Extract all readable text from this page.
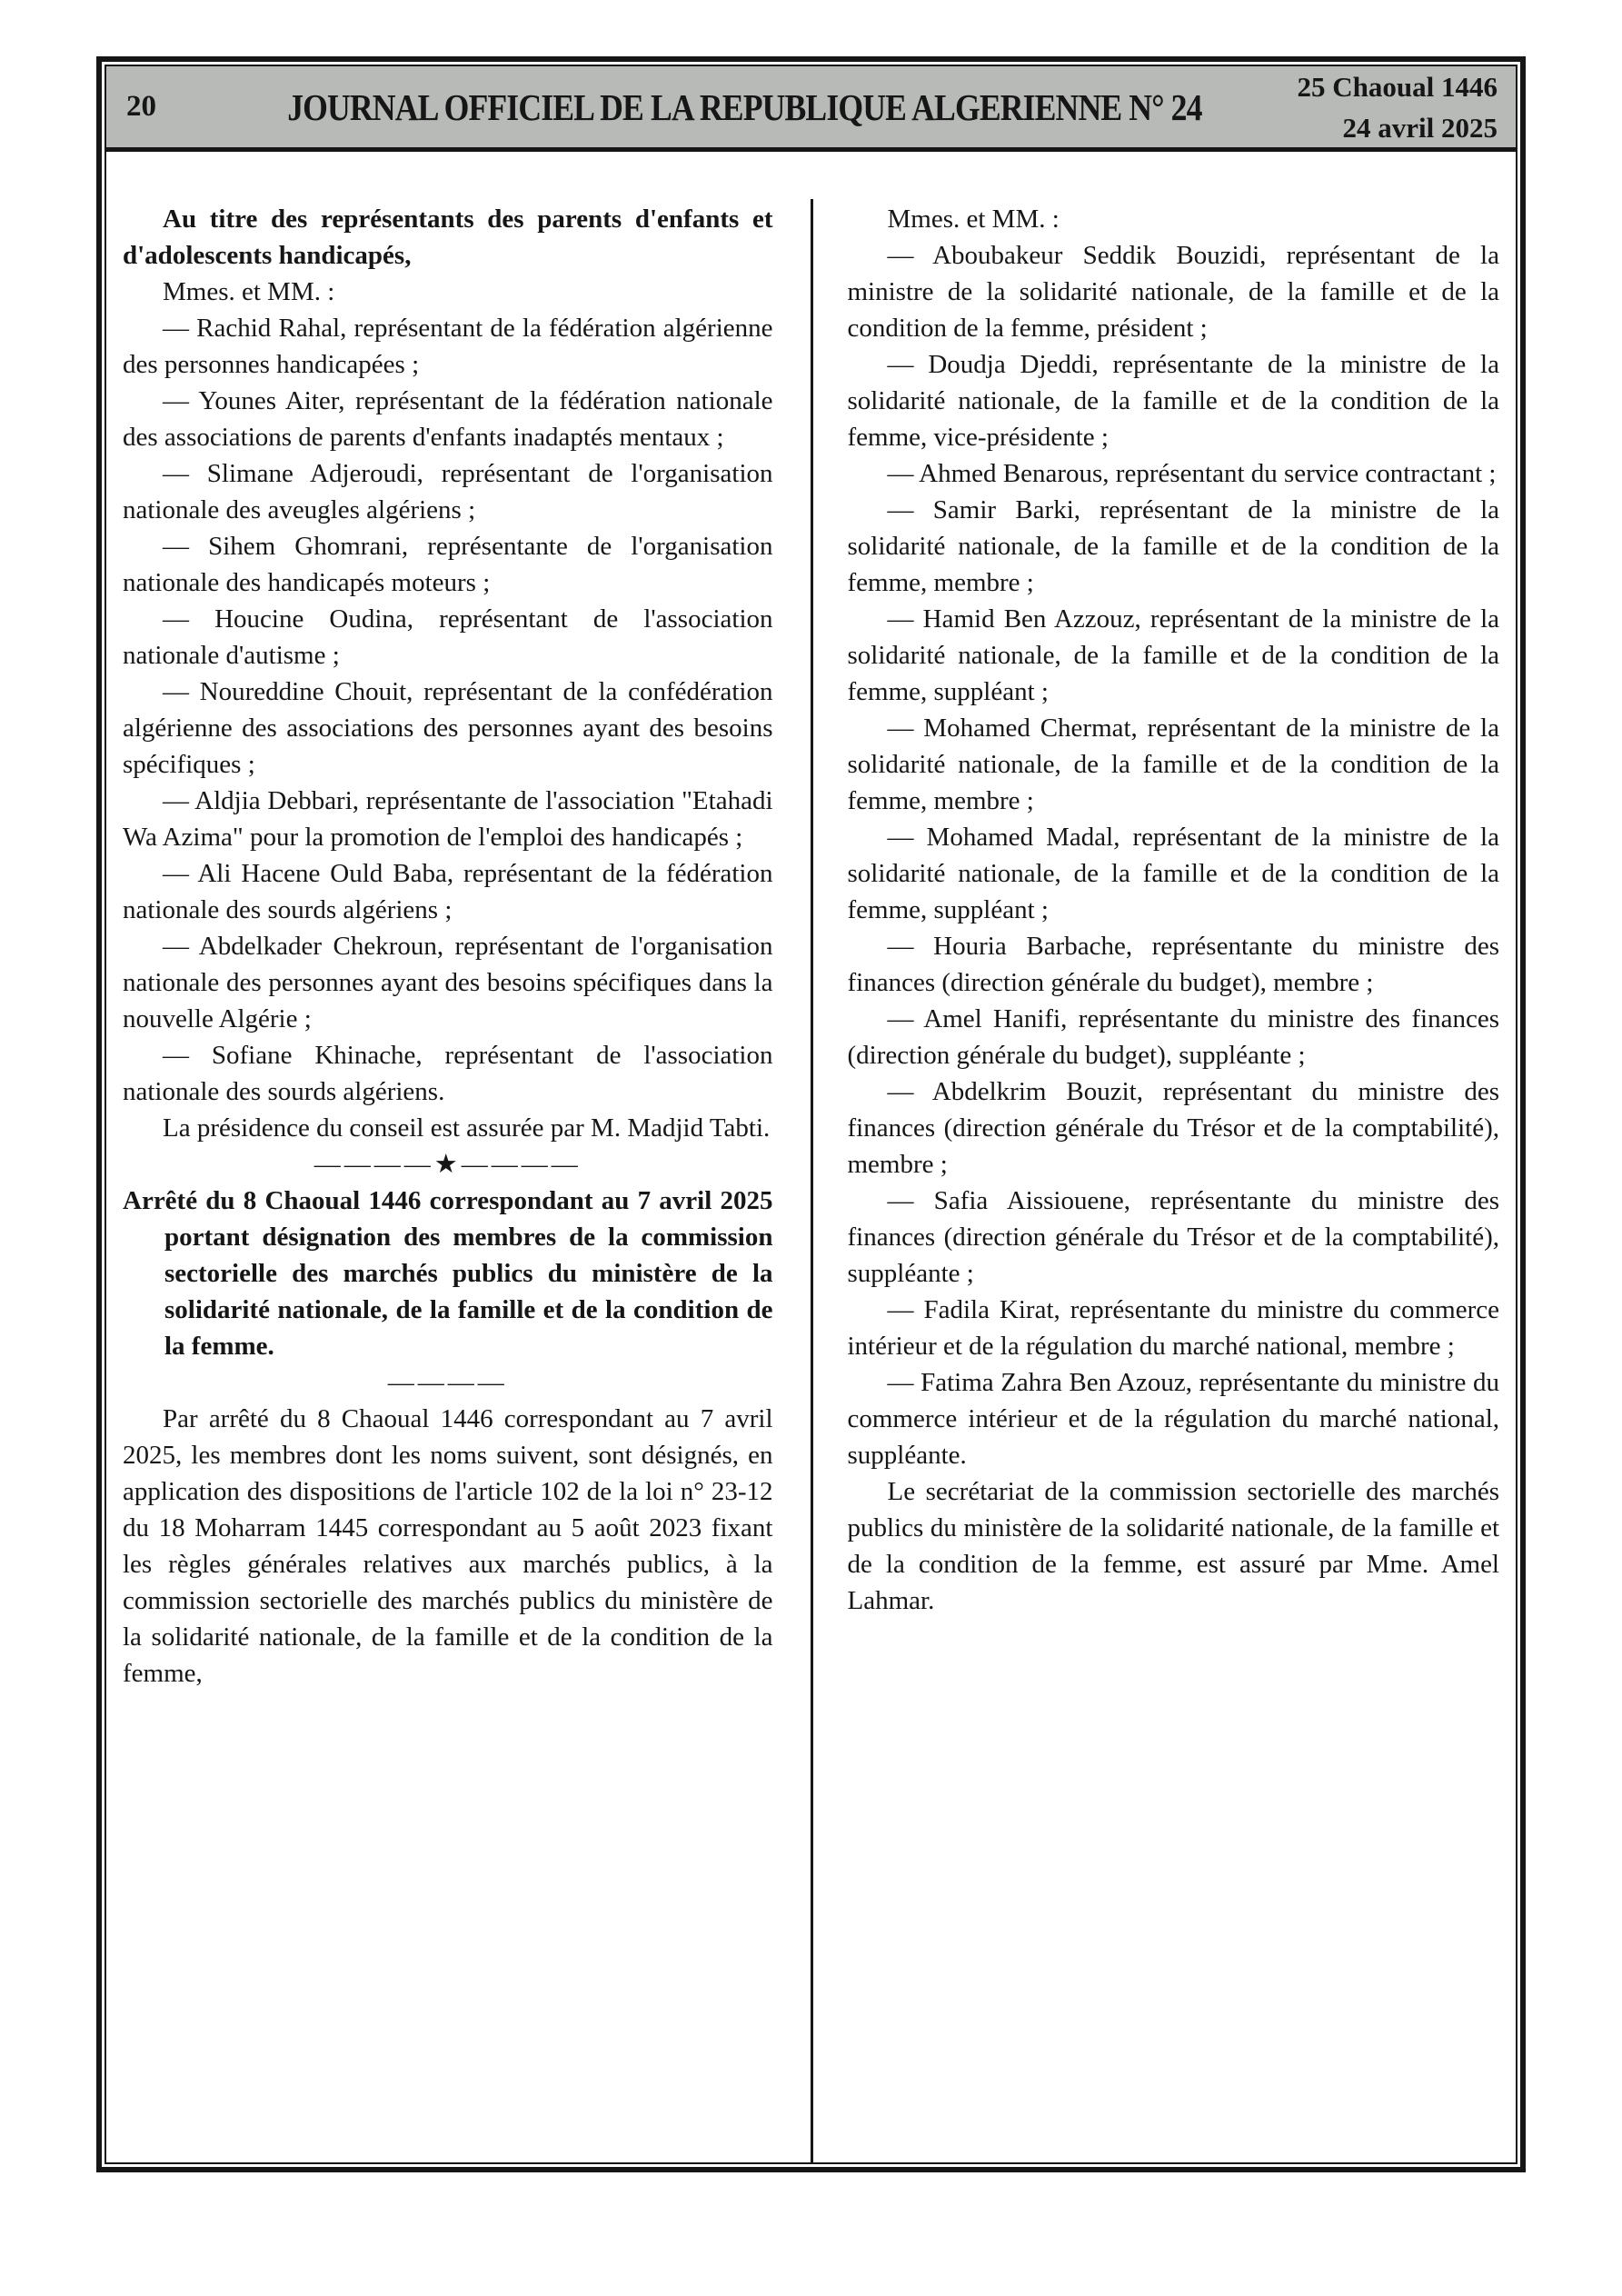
20	JOURNAL OFFICIEL DE LA REPUBLIQUE ALGERIENNE N° 24	25 Chaoual 1446
24 avril 2025

Au titre des représentants des parents d'enfants et d'adolescents handicapés,

Mmes. et MM. :

— Rachid Rahal, représentant de la fédération algérienne des personnes handicapées ;

— Younes Aiter, représentant de la fédération nationale des associations de parents d'enfants inadaptés mentaux ;

— Slimane Adjeroudi, représentant de l'organisation nationale des aveugles algériens ;

— Sihem Ghomrani, représentante de l'organisation nationale des handicapés moteurs ;

— Houcine Oudina, représentant de l'association nationale d'autisme ;

— Noureddine Chouit, représentant de la confédération algérienne des associations des personnes ayant des besoins spécifiques ;

— Aldjia Debbari, représentante de l'association "Etahadi Wa Azima" pour la promotion de l'emploi des handicapés ;

— Ali Hacene Ould Baba, représentant de la fédération nationale des sourds algériens ;

— Abdelkader Chekroun, représentant de l'organisation nationale des personnes ayant des besoins spécifiques dans la nouvelle Algérie ;

— Sofiane Khinache, représentant de l'association nationale des sourds algériens.

La présidence du conseil est assurée par M. Madjid Tabti.

————★————

Arrêté du 8 Chaoual 1446 correspondant au 7 avril 2025 portant désignation des membres de la commission sectorielle des marchés publics du ministère de la solidarité nationale, de la famille et de la condition de la femme.

————

Par arrêté du 8 Chaoual 1446 correspondant au 7 avril 2025, les membres dont les noms suivent, sont désignés, en application des dispositions de l'article 102 de la loi n° 23-12 du 18 Moharram 1445 correspondant au 5 août 2023 fixant les règles générales relatives aux marchés publics, à la commission sectorielle des marchés publics du ministère de la solidarité nationale, de la famille et de la condition de la femme,

Mmes. et MM. :

— Aboubakeur Seddik Bouzidi, représentant de la ministre de la solidarité nationale, de la famille et de la condition de la femme, président ;

— Doudja Djeddi, représentante de la ministre de la solidarité nationale, de la famille et de la condition de la femme, vice-présidente ;

— Ahmed Benarous, représentant du service contractant ;

— Samir Barki, représentant de la ministre de la solidarité nationale, de la famille et de la condition de la femme, membre ;

— Hamid Ben Azzouz, représentant de la ministre de la solidarité nationale, de la famille et de la condition de la femme, suppléant ;

— Mohamed Chermat, représentant de la ministre de la solidarité nationale, de la famille et de la condition de la femme, membre ;

— Mohamed Madal, représentant de la ministre de la solidarité nationale, de la famille et de la condition de la femme, suppléant ;

— Houria Barbache, représentante du ministre des finances (direction générale du budget), membre ;

— Amel Hanifi, représentante du ministre des finances (direction générale du budget), suppléante ;

— Abdelkrim Bouzit, représentant du ministre des finances (direction générale du Trésor et de la comptabilité), membre ;

— Safia Aissiouene, représentante du ministre des finances (direction générale du Trésor et de la comptabilité), suppléante ;

— Fadila Kirat, représentante du ministre du commerce intérieur et de la régulation du marché national, membre ;

— Fatima Zahra Ben Azouz, représentante du ministre du commerce intérieur et de la régulation du marché national, suppléante.

Le secrétariat de la commission sectorielle des marchés publics du ministère de la solidarité nationale, de la famille et de la condition de la femme, est assuré par Mme. Amel Lahmar.
